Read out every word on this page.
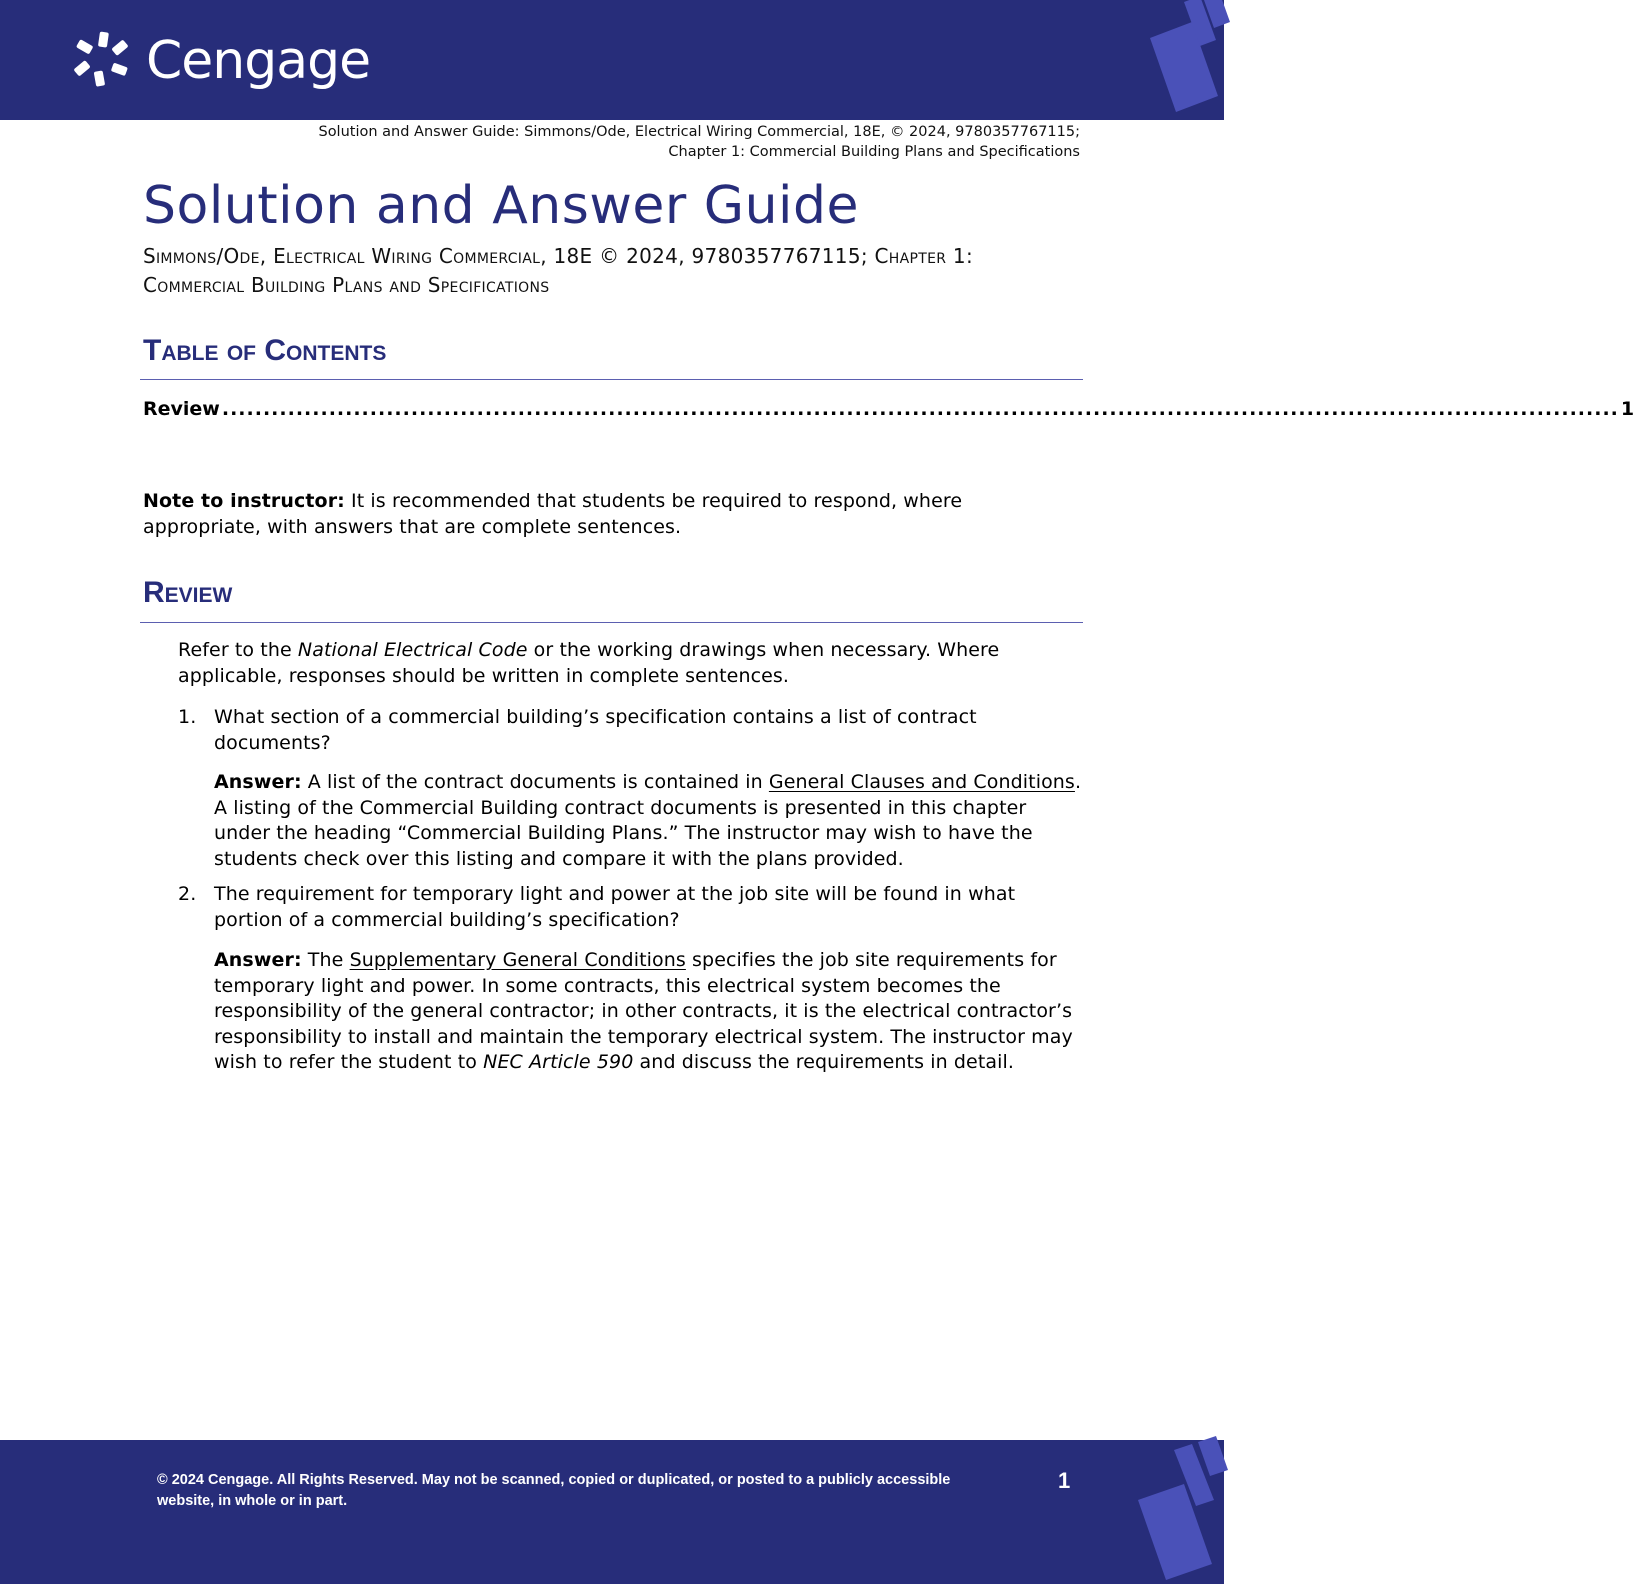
Cengage
Solution and Answer Guide: Simmons/Ode, Electrical Wiring Commercial, 18E, © 2024, 9780357767115;
Chapter 1: Commercial Building Plans and Specifications
Solution and Answer Guide
Simmons/Ode, Electrical Wiring Commercial, 18E © 2024, 9780357767115; Chapter 1:
Commercial Building Plans and Specifications
Table of Contents
Review .......................................................................................................................................................................... 1
Note to instructor: It is recommended that students be required to respond, where appropriate, with answers that are complete sentences.
Review
Refer to the National Electrical Code or the working drawings when necessary. Where applicable, responses should be written in complete sentences.
1. What section of a commercial building’s specification contains a list of contract documents?
Answer: A list of the contract documents is contained in General Clauses and Conditions. A listing of the Commercial Building contract documents is presented in this chapter under the heading “Commercial Building Plans.” The instructor may wish to have the students check over this listing and compare it with the plans provided.
2. The requirement for temporary light and power at the job site will be found in what portion of a commercial building’s specification?
Answer: The Supplementary General Conditions specifies the job site requirements for temporary light and power. In some contracts, this electrical system becomes the responsibility of the general contractor; in other contracts, it is the electrical contractor’s responsibility to install and maintain the temporary electrical system. The instructor may wish to refer the student to NEC Article 590 and discuss the requirements in detail.
© 2024 Cengage. All Rights Reserved. May not be scanned, copied or duplicated, or posted to a publicly accessible website, in whole or in part.
1
